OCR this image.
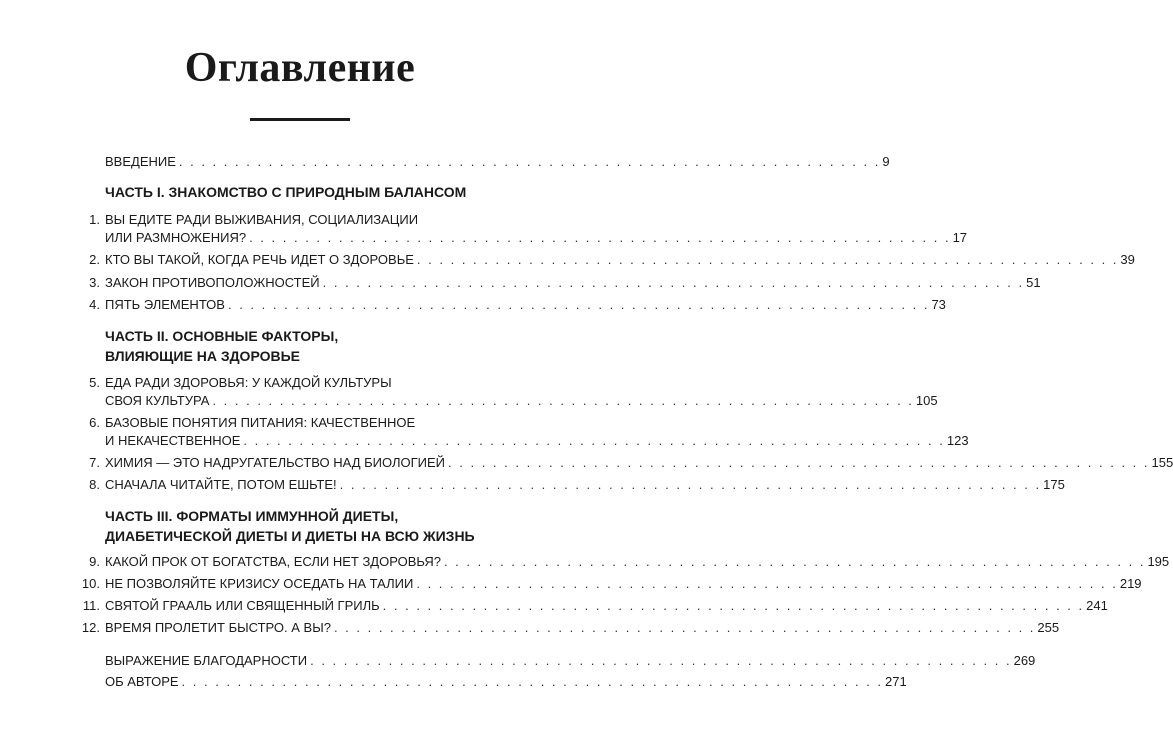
Оглавление
ВВЕДЕНИЕ . . . . . . . . . . . . . . . . . . . . . . . . . . . . . . . . . . . . . . . . . . . . . . . . . . . . . . . . . . . . . . . 9
ЧАСТЬ I. ЗНАКОМСТВО С ПРИРОДНЫМ БАЛАНСОМ
1. ВЫ ЕДИТЕ РАДИ ВЫЖИВАНИЯ, СОЦИАЛИЗАЦИИ
ИЛИ РАЗМНОЖЕНИЯ? . . . . . . . . . . . . . . . . . . . . . . . . . . . . . . . . . . . . . . . . . . . . . . . . . . . . . . . . . . . . . . . 17
2. КТО ВЫ ТАКОЙ, КОГДА РЕЧЬ ИДЕТ О ЗДОРОВЬЕ . . . . . . . . . . . . . . . . . . . . . . . . . . . . . . . . . . . . . . . . . . . . . . . . . . . . . . . . . . . . . . . 39
3. ЗАКОН ПРОТИВОПОЛОЖНОСТЕЙ . . . . . . . . . . . . . . . . . . . . . . . . . . . . . . . . . . . . . . . . . . . . . . . . . . . . . . . . . . . . . . . 51
4. ПЯТЬ ЭЛЕМЕНТОВ . . . . . . . . . . . . . . . . . . . . . . . . . . . . . . . . . . . . . . . . . . . . . . . . . . . . . . . . . . . . . . . 73
ЧАСТЬ II. ОСНОВНЫЕ ФАКТОРЫ,
ВЛИЯЮЩИЕ НА ЗДОРОВЬЕ
5. ЕДА РАДИ ЗДОРОВЬЯ: У КАЖДОЙ КУЛЬТУРЫ
СВОЯ КУЛЬТУРА . . . . . . . . . . . . . . . . . . . . . . . . . . . . . . . . . . . . . . . . . . . . . . . . . . . . . . . . . . . . . . . 105
6. БАЗОВЫЕ ПОНЯТИЯ ПИТАНИЯ: КАЧЕСТВЕННОЕ
И НЕКАЧЕСТВЕННОЕ . . . . . . . . . . . . . . . . . . . . . . . . . . . . . . . . . . . . . . . . . . . . . . . . . . . . . . . . . . . . . . . 123
7. ХИМИЯ — ЭТО НАДРУГАТЕЛЬСТВО НАД БИОЛОГИЕЙ . . . . . . . . . . . . . . . . . . . . . . . . . . . . . . . . . . . . . . . . . . . . . . . . . . . . . . . . . . . . . . . 155
8. СНАЧАЛА ЧИТАЙТЕ, ПОТОМ ЕШЬТЕ! . . . . . . . . . . . . . . . . . . . . . . . . . . . . . . . . . . . . . . . . . . . . . . . . . . . . . . . . . . . . . . . 175
ЧАСТЬ III. ФОРМАТЫ ИММУННОЙ ДИЕТЫ,
ДИАБЕТИЧЕСКОЙ ДИЕТЫ И ДИЕТЫ НА ВСЮ ЖИЗНЬ
9. КАКОЙ ПРОК ОТ БОГАТСТВА, ЕСЛИ НЕТ ЗДОРОВЬЯ? . . . . . . . . . . . . . . . . . . . . . . . . . . . . . . . . . . . . . . . . . . . . . . . . . . . . . . . . . . . . . . . 195
10. НЕ ПОЗВОЛЯЙТЕ КРИЗИСУ ОСЕДАТЬ НА ТАЛИИ . . . . . . . . . . . . . . . . . . . . . . . . . . . . . . . . . . . . . . . . . . . . . . . . . . . . . . . . . . . . . . . 219
11. СВЯТОЙ ГРААЛЬ ИЛИ СВЯЩЕННЫЙ ГРИЛЬ . . . . . . . . . . . . . . . . . . . . . . . . . . . . . . . . . . . . . . . . . . . . . . . . . . . . . . . . . . . . . . . 241
12. ВРЕМЯ ПРОЛЕТИТ БЫСТРО. А ВЫ? . . . . . . . . . . . . . . . . . . . . . . . . . . . . . . . . . . . . . . . . . . . . . . . . . . . . . . . . . . . . . . . 255
ВЫРАЖЕНИЕ БЛАГОДАРНОСТИ . . . . . . . . . . . . . . . . . . . . . . . . . . . . . . . . . . . . . . . . . . . . . . . . . . . . . . . . . . . . . . . 269
ОБ АВТОРЕ . . . . . . . . . . . . . . . . . . . . . . . . . . . . . . . . . . . . . . . . . . . . . . . . . . . . . . . . . . . . . . . 271
